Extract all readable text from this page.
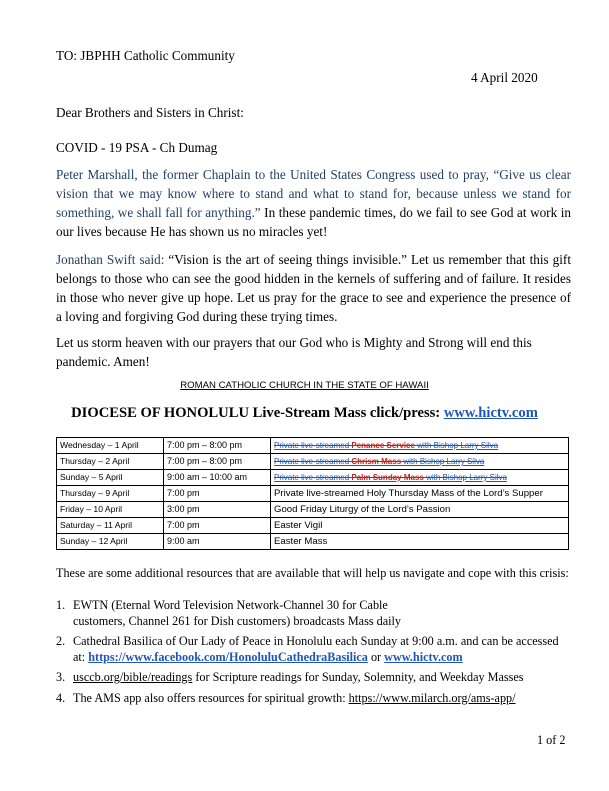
TO: JBPHH Catholic Community
4 April 2020
Dear Brothers and Sisters in Christ:
COVID - 19 PSA - Ch Dumag

Peter Marshall, the former Chaplain to the United States Congress used to pray, “Give us clear vision that we may know where to stand and what to stand for, because unless we stand for something, we shall fall for anything.” In these pandemic times, do we fail to see God at work in our lives because He has shown us no miracles yet!

Jonathan Swift said: “Vision is the art of seeing things invisible.” Let us remember that this gift belongs to those who can see the good hidden in the kernels of suffering and of failure. It resides in those who never give up hope. Let us pray for the grace to see and experience the presence of a loving and forgiving God during these trying times.

Let us storm heaven with our prayers that our God who is Mighty and Strong will end this pandemic. Amen!

ROMAN CATHOLIC CHURCH IN THE STATE OF HAWAII
DIOCESE OF HONOLULU Live-Stream Mass click/press: www.hictv.com
Wednesday – 1 April	7:00 pm – 8:00 pm	Private live-streamed Penance Service with Bishop Larry Silva
Thursday – 2 April	7:00 pm – 8:00 pm	Private live-streamed Chrism Mass with Bishop Larry Silva
Sunday – 5 April	9:00 am – 10:00 am	Private live-streamed Palm Sunday Mass with Bishop Larry Silva
Thursday – 9 April	7:00 pm	Private live-streamed Holy Thursday Mass of the Lord’s Supper
Friday – 10 April	3:00 pm	Good Friday Liturgy of the Lord’s Passion
Saturday – 11 April	7:00 pm	Easter Vigil
Sunday – 12 April	9:00 am	Easter Mass
These are some additional resources that are available that will help us navigate and cope with this crisis:
1. EWTN (Eternal Word Television Network-Channel 30 for Cable
customers, Channel 261 for Dish customers) broadcasts Mass daily
2. Cathedral Basilica of Our Lady of Peace in Honolulu each Sunday at 9:00 a.m. and can be accessed
at: https://www.facebook.com/HonoluluCathedraBasilica or www.hictv.com
3. usccb.org/bible/readings for Scripture readings for Sunday, Solemnity, and Weekday Masses
4. The AMS app also offers resources for spiritual growth: https://www.milarch.org/ams-app/
1 of 2
